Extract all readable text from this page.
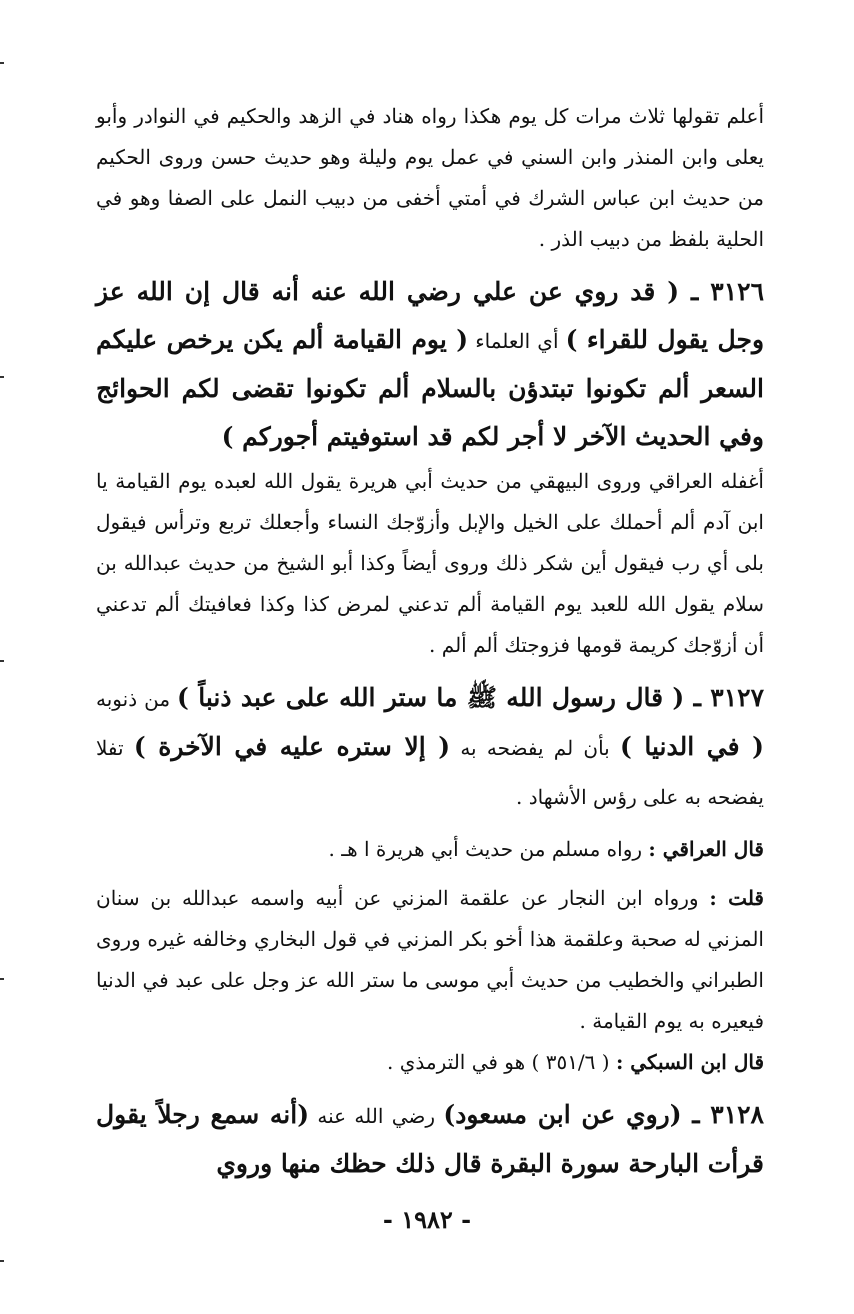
أعلم تقولها ثلاث مرات كل يوم هكذا رواه هناد في الزهد والحكيم في النوادر وأبو يعلى وابن المنذر وابن السني في عمل يوم وليلة وهو حديث حسن وروى الحكيم من حديث ابن عباس الشرك في أمتي أخفى من دبيب النمل على الصفا وهو في الحلية بلفظ من دبيب الذر .

٣١٢٦ ـ ( قد روي عن علي رضي الله عنه أنه قال إن الله عز وجل يقول للقراء ) أي العلماء ( يوم القيامة ألم يكن يرخص عليكم السعر ألم تكونوا تبتدؤن بالسلام ألم تكونوا تقضى لكم الحوائج وفي الحديث الآخر لا أجر لكم قد استوفيتم أجوركم )

أغفله العراقي وروى البيهقي من حديث أبي هريرة يقول الله لعبده يوم القيامة يا ابن آدم ألم أحملك على الخيل والإبل وأزوّجك النساء وأجعلك تربع وترأس فيقول بلى أي رب فيقول أين شكر ذلك وروى أيضاً وكذا أبو الشيخ من حديث عبدالله بن سلام يقول الله للعبد يوم القيامة ألم تدعني لمرض كذا وكذا فعافيتك ألم تدعني أن أزوّجك كريمة قومها فزوجتك ألم ألم .

٣١٢٧ ـ ( قال رسول الله ﷺ ما ستر الله على عبد ذنباً ) من ذنوبه ( في الدنيا ) بأن لم يفضحه به ( إلا ستره عليه في الآخرة ) تفلا يفضحه به على رؤس الأشهاد .

قال العراقي : رواه مسلم من حديث أبي هريرة ا هـ .

قلت : ورواه ابن النجار عن علقمة المزني عن أبيه واسمه عبدالله بن سنان المزني له صحبة وعلقمة هذا أخو بكر المزني في قول البخاري وخالفه غيره وروى الطبراني والخطيب من حديث أبي موسى ما ستر الله عز وجل على عبد في الدنيا فيعيره به يوم القيامة .

قال ابن السبكي : ( ٣٥١/٦ ) هو في الترمذي .

٣١٢٨ ـ (روي عن ابن مسعود) رضي الله عنه (أنه سمع رجلاً يقول قرأت البارحة سورة البقرة قال ذلك حظك منها وروي

- ١٩٨٢ -
